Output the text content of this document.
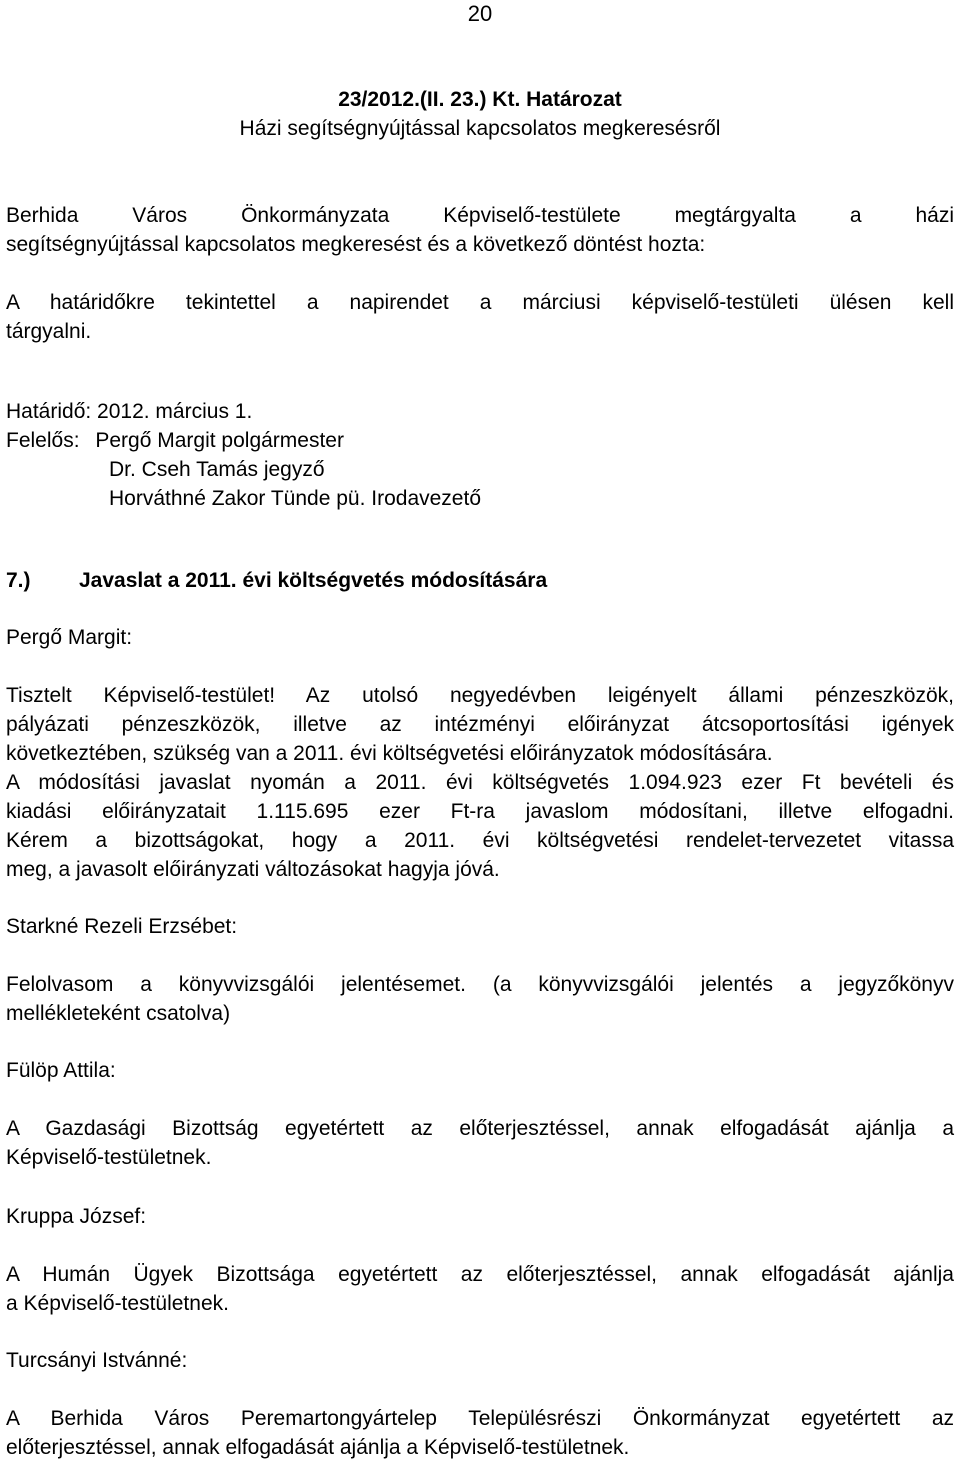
20
23/2012.(II. 23.) Kt. Határozat
Házi segítségnyújtással kapcsolatos megkeresésről
Berhida Város Önkormányzata Képviselő-testülete megtárgyalta a házi
segítségnyújtással kapcsolatos megkeresést és a következő döntést hozta:
A határidőkre tekintettel a napirendet a márciusi képviselő-testületi ülésen kell
tárgyalni.
Határidő: 2012. március 1.
Felelős: Pergő Margit polgármester
Dr. Cseh Tamás jegyző
Horváthné Zakor Tünde pü. Irodavezető
7.) Javaslat a 2011. évi költségvetés módosítására
Pergő Margit:
Tisztelt Képviselő-testület! Az utolsó negyedévben leigényelt állami pénzeszközök,
pályázati pénzeszközök, illetve az intézményi előirányzat átcsoportosítási igények
következtében, szükség van a 2011. évi költségvetési előirányzatok módosítására.
A módosítási javaslat nyomán a 2011. évi költségvetés 1.094.923 ezer Ft bevételi és
kiadási előirányzatait 1.115.695 ezer Ft-ra javaslom módosítani, illetve elfogadni.
Kérem a bizottságokat, hogy a 2011. évi költségvetési rendelet-tervezetet vitassa
meg, a javasolt előirányzati változásokat hagyja jóvá.
Starkné Rezeli Erzsébet:
Felolvasom a könyvvizsgálói jelentésemet. (a könyvvizsgálói jelentés a jegyzőkönyv
mellékleteként csatolva)
Fülöp Attila:
A Gazdasági Bizottság egyetértett az előterjesztéssel, annak elfogadását ajánlja a
Képviselő-testületnek.
Kruppa József:
A Humán Ügyek Bizottsága egyetértett az előterjesztéssel, annak elfogadását ajánlja
a Képviselő-testületnek.
Turcsányi Istvánné:
A Berhida Város Peremartongyártelep Településrészi Önkormányzat egyetértett az
előterjesztéssel, annak elfogadását ajánlja a Képviselő-testületnek.
